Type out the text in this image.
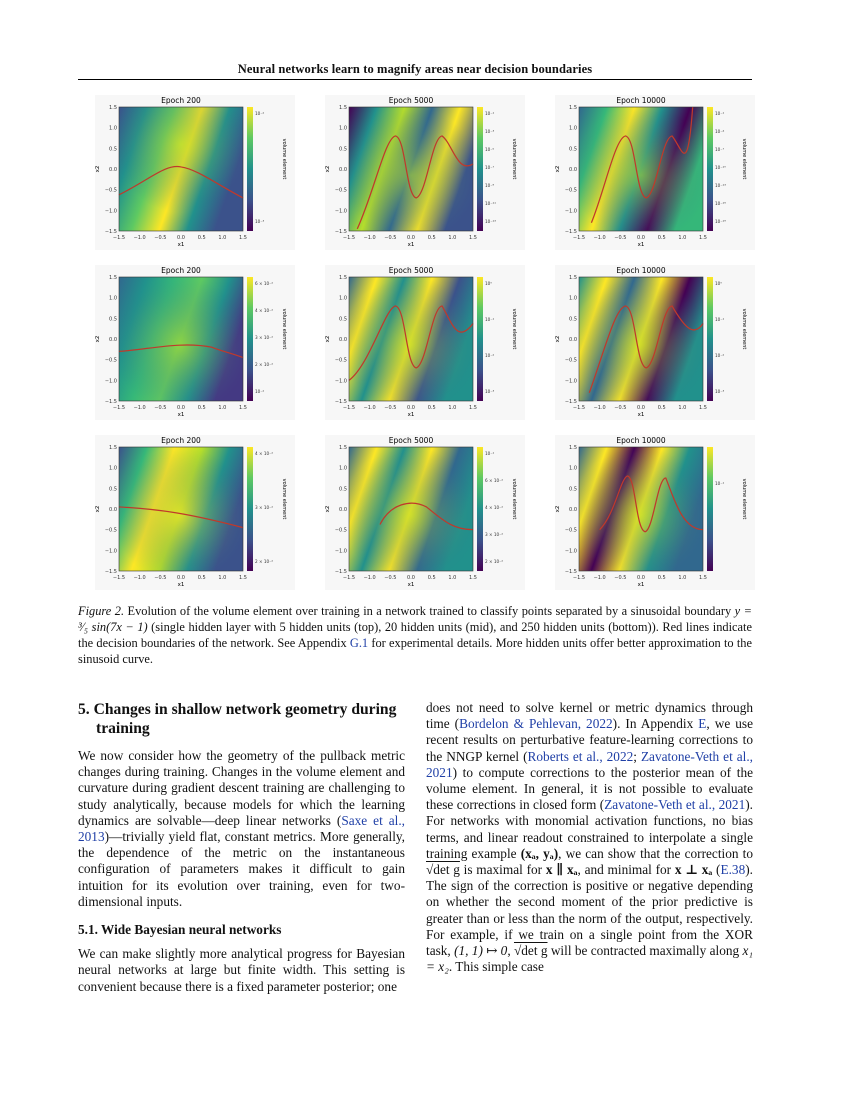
Neural networks learn to magnify areas near decision boundaries
Epoch 200
−1.5 −1.0 −0.5 0.0	0.5	1.0	1.5
1.5
1.0
0.5
0.0
−0.5
−1.0
−1.5
x1
x2
10⁻²
10⁻³
volume element
Epoch 5000
−1.5 −1.0 −0.5 0.0	0.5	1.0	1.5
1.5
1.0
0.5
0.0
−0.5
−1.0
−1.5
x1
x2
10⁻¹
10⁻³
10⁻⁵
10⁻⁷
10⁻⁹
10⁻¹¹
10⁻¹³
volume element
Epoch 10000
−1.5 −1.0 −0.5 0.0	0.5	1.0	1.5
1.5
1.0
0.5
0.0
−0.5
−1.0
−1.5
x1
x2
10⁻¹
10⁻⁴
10⁻⁷
10⁻¹⁰
10⁻¹³
10⁻¹⁶
10⁻¹⁹
volume element
Epoch 200
−1.5 −1.0 −0.5 0.0	0.5	1.0	1.5
1.5
1.0
0.5
0.0
−0.5
−1.0
−1.5
x1
x2
6 × 10⁻²
4 × 10⁻²
3 × 10⁻²
2 × 10⁻²
10⁻²
volume element
Epoch 5000
−1.5 −1.0 −0.5 0.0	0.5	1.0	1.5
1.5
1.0
0.5
0.0
−0.5
−1.0
−1.5
x1
x2
10⁰
10⁻¹
10⁻²
10⁻³
volume element
Epoch 10000
−1.5 −1.0 −0.5 0.0	0.5	1.0	1.5
1.5
1.0
0.5
0.0
−0.5
−1.0
−1.5
x1
x2
10⁰
10⁻¹
10⁻²
10⁻³
volume element
Epoch 200
−1.5 −1.0 −0.5 0.0	0.5	1.0	1.5
1.5
1.0
0.5
0.0
−0.5
−1.0
−1.5
x1
x2
4 × 10⁻²
3 × 10⁻²
2 × 10⁻²
volume element
Epoch 5000
−1.5 −1.0 −0.5 0.0	0.5	1.0	1.5
1.5
1.0
0.5
0.0
−0.5
−1.0
−1.5
x1
x2
10⁻¹
6 × 10⁻²
4 × 10⁻²
3 × 10⁻²
2 × 10⁻²
volume element
Epoch 10000
−1.5 −1.0 −0.5 0.0	0.5	1.0	1.5
1.5
1.0
0.5
0.0
−0.5
−1.0
−1.5
x1
x2
10⁻¹	volume element
Figure 2. Evolution of the volume element over training in a network trained to classify points separated by a sinusoidal boundary y = ³⁄₅ sin(7x − 1) (single hidden layer with 5 hidden units (top), 20 hidden units (mid), and 250 hidden units (bottom)). Red lines indicate the decision boundaries of the network. See Appendix G.1 for experimental details. More hidden units offer better approximation to the sinusoid curve.
5. Changes in shallow network geometry during training

We now consider how the geometry of the pullback metric changes during training. Changes in the volume element and curvature during gradient descent training are challenging to study analytically, because models for which the learning dynamics are solvable—deep linear networks (Saxe et al., 2013)—trivially yield flat, constant metrics. More generally, the dependence of the metric on the instantaneous configuration of parameters makes it difficult to gain intuition for its evolution over training, even for two-dimensional inputs.

5.1. Wide Bayesian neural networks

We can make slightly more analytical progress for Bayesian neural networks at large but finite width. This setting is convenient because there is a fixed parameter posterior; one

does not need to solve kernel or metric dynamics through time (Bordelon & Pehlevan, 2022). In Appendix E, we use recent results on perturbative feature-learning corrections to the NNGP kernel (Roberts et al., 2022; Zavatone-Veth et al., 2021) to compute corrections to the posterior mean of the volume element. In general, it is not possible to evaluate these corrections in closed form (Zavatone-Veth et al., 2021). For networks with monomial activation functions, no bias terms, and linear readout constrained to interpolate a single training example (xₐ, yₐ), we can show that the correction to √det g is maximal for x ∥ xₐ, and minimal for x ⊥ xₐ (E.38). The sign of the correction is positive or negative depending on whether the second moment of the prior predictive is greater than or less than the norm of the output, respectively. For example, if we train on a single point from the XOR task, (1, 1) ↦ 0, √det g will be contracted maximally along x₁ = x₂. This simple case
